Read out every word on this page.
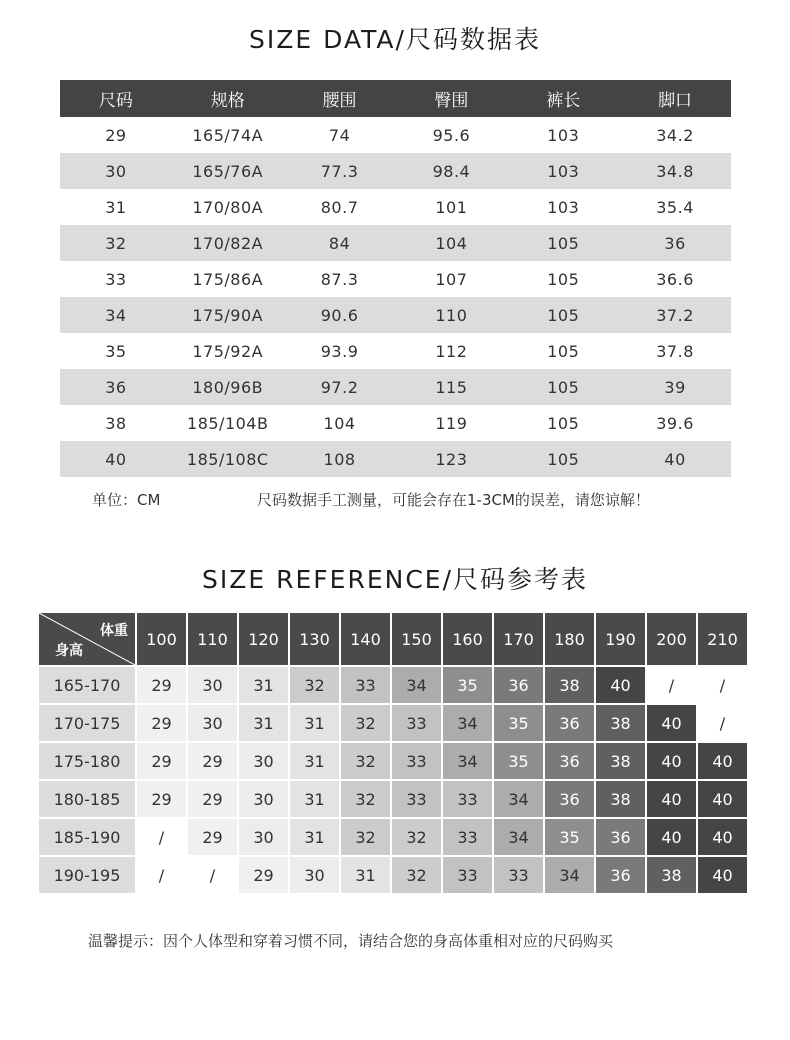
SIZE DATA/尺码数据表
尺码	规格	腰围	臀围	裤长	脚口
29	165/74A	74	95.6	103	34.2
30	165/76A	77.3	98.4	103	34.8
31	170/80A	80.7	101	103	35.4
32	170/82A	84	104	105	36
33	175/86A	87.3	107	105	36.6
34	175/90A	90.6	110	105	37.2
35	175/92A	93.9	112	105	37.8
36	180/96B	97.2	115	105	39
38	185/104B	104	119	105	39.6
40	185/108C	108	123	105	40
单位：CM	尺码数据手工测量，可能会存在1-3CM的误差，请您谅解！
SIZE REFERENCE/尺码参考表
体重
身高	100	110	120	130	140	150	160	170	180	190	200	210
165-170	29	30	31	32	33	34	35	36	38	40	/	/
170-175	29	30	31	31	32	33	34	35	36	38	40	/
175-180	29	29	30	31	32	33	34	35	36	38	40	40
180-185	29	29	30	31	32	33	33	34	36	38	40	40
185-190	/	29	30	31	32	32	33	34	35	36	40	40
190-195	/	/	29	30	31	32	33	33	34	36	38	40
温馨提示：因个人体型和穿着习惯不同，请结合您的身高体重相对应的尺码购买
